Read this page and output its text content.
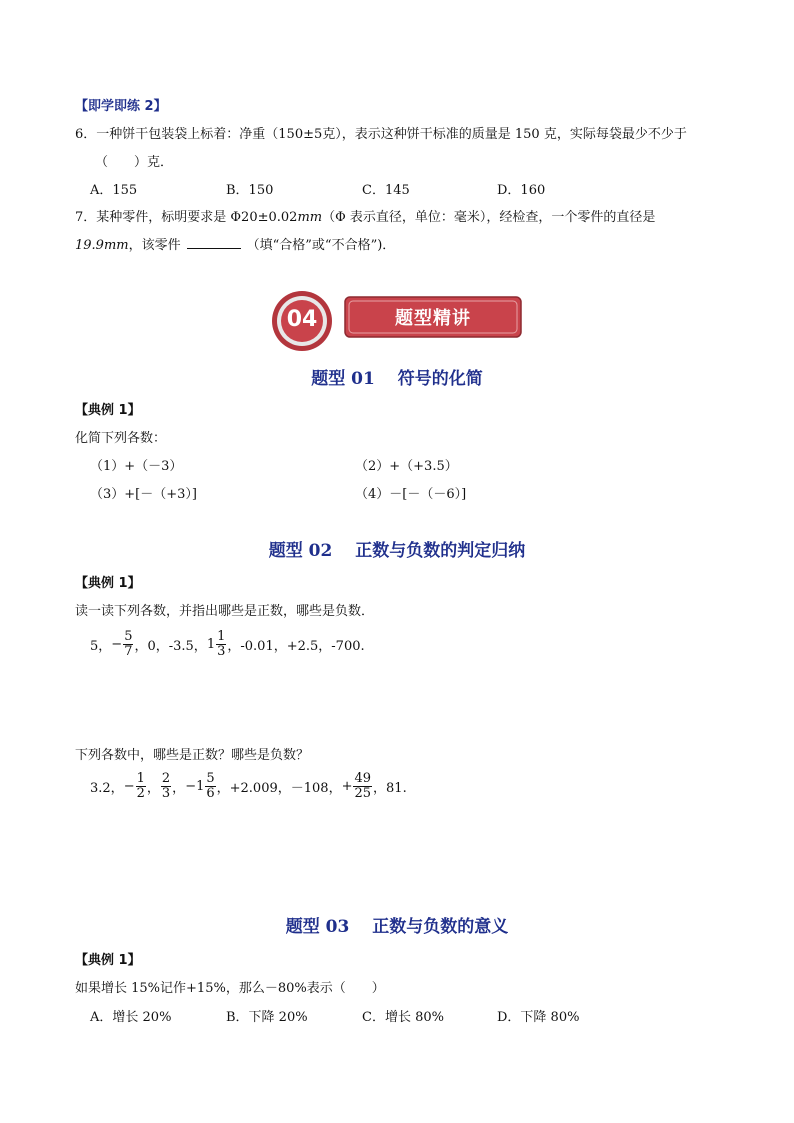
【即学即练 2】
6．一种饼干包装袋上标着：净重（150±5克），表示这种饼干标准的质量是 150 克，实际每袋最少不少于
（　　）克．
A．155	B．150	C．145	D．160
7．某种零件，标明要求是 Φ20±0.02mm（Φ 表示直径，单位：毫米），经检查，一个零件的直径是
19.9mm，该零件	（填“合格”或“不合格”)．
04	题型精讲
题型 01　 符号的化简
【典例 1】
化简下列各数：
（1）+（－3）	（2）+（+3.5）
（3）+[－（+3）]	（4）－[－（－6）]
题型 02　 正数与负数的判定归纳
【典例 1】
读一读下列各数，并指出哪些是正数，哪些是负数．
5， − $\frac{5}{7}$ ，0，-3.5， $1 \frac{1}{3}$ ，-0.01，+2.5，-700.
下列各数中，哪些是正数？哪些是负数？
3.2， − $\frac{1}{2}$ ， $\frac{2}{3}$ ， $-1 \frac{5}{6}$ ，+2.009，－108， + $\frac{49}{25}$ ，81.
题型 03　 正数与负数的意义
【典例 1】
如果增长 15%记作+15%，那么－80%表示（　　）
A．增长 20%	B．下降 20%	C．增长 80%	D．下降 80%
